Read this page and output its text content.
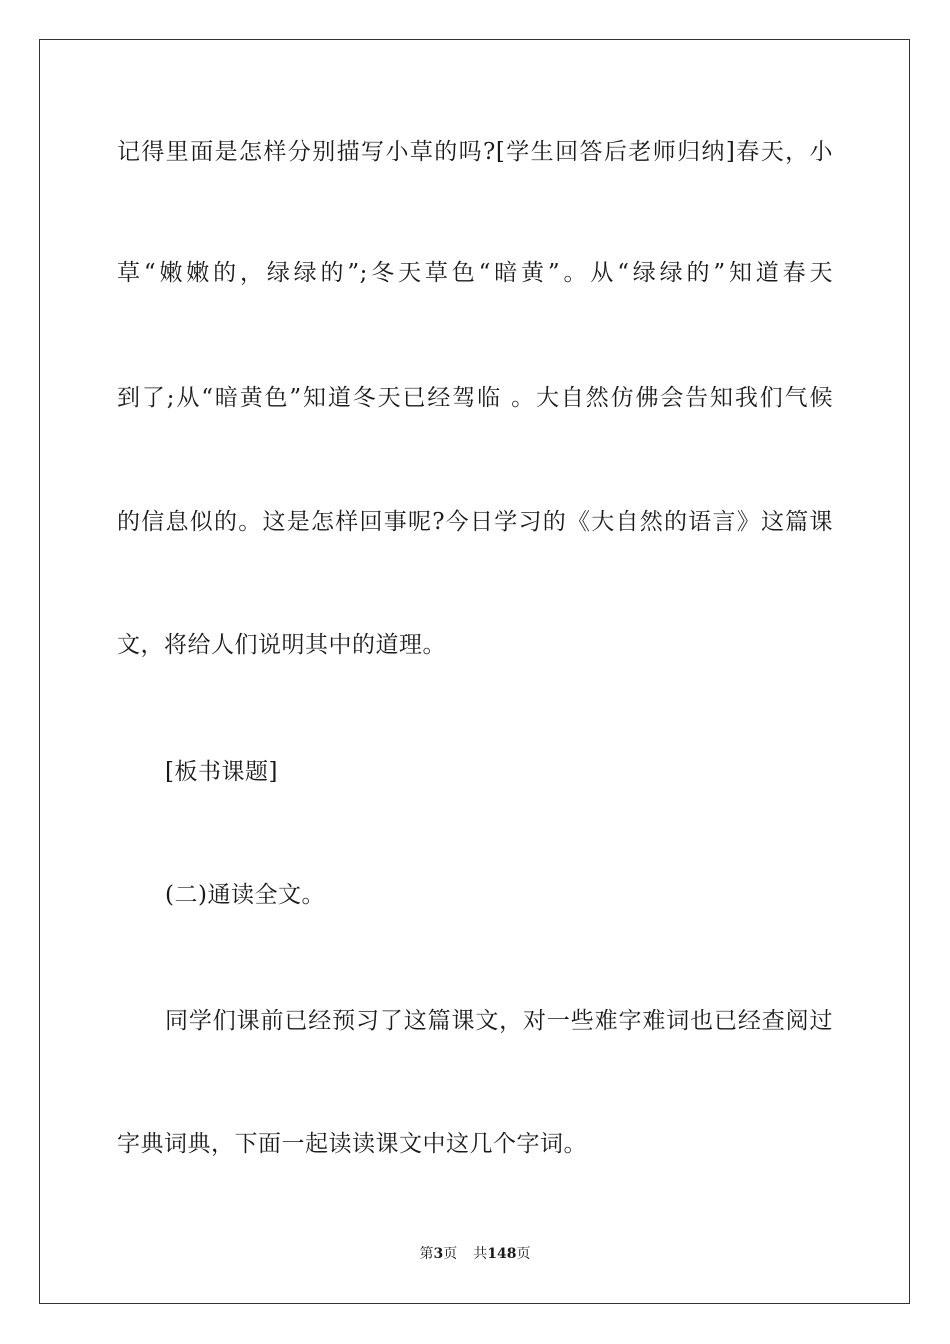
记得里面是怎样分别描写小草的吗?[学生回答后老师归纳]春天，小
草“嫩嫩的，绿绿的”;冬天草色“暗黄”。从“绿绿的”知道春天
到了;从“暗黄色”知道冬天已经驾临 。大自然仿佛会告知我们气候
的信息似的。这是怎样回事呢?今日学习的《大自然的语言》这篇课
文，将给人们说明其中的道理。
[板书课题]
(二)通读全文。
同学们课前已经预习了这篇课文，对一些难字难词也已经查阅过
字典词典，下面一起读读课文中这几个字词。
第3页 共148页
